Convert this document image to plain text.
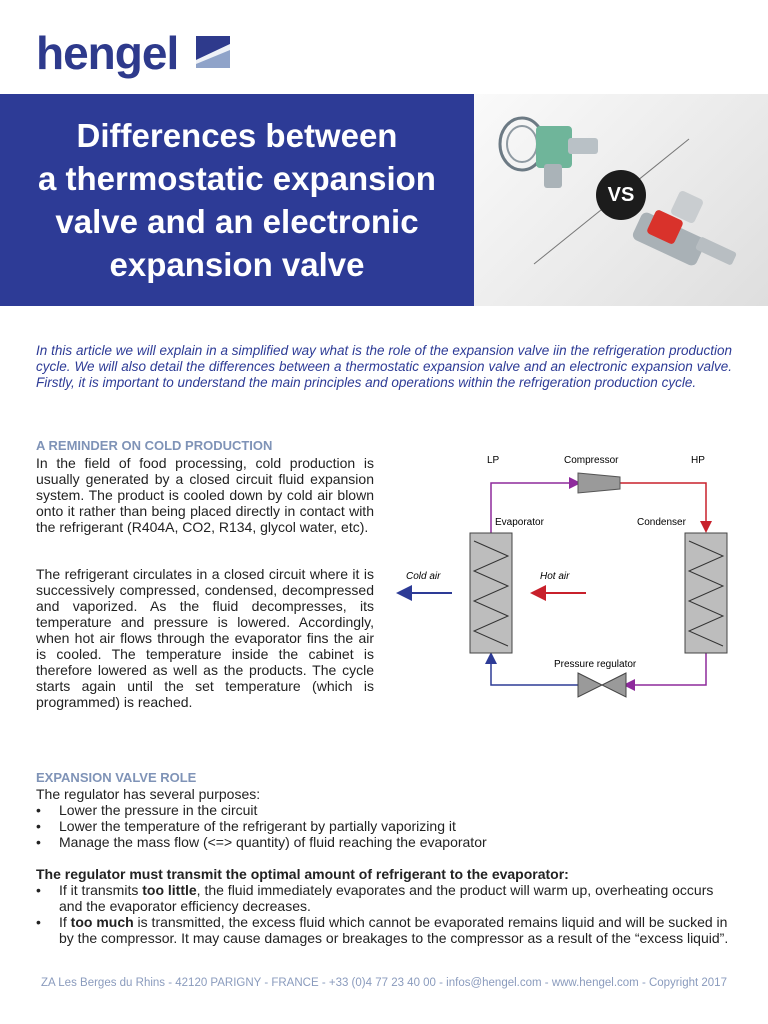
hengel
Differences between
a thermostatic expansion
valve and an electronic
expansion valve
VS
In this article we will explain in a simplified way what is the role of the expansion valve iin the refrigeration production cycle. We will also detail the differences between a thermostatic expansion valve and an electronic expansion valve. Firstly, it is important to understand the main principles and operations within the refrigeration production cycle.
A REMINDER ON COLD PRODUCTION
In the field of food processing, cold production is usually generated by a closed circuit fluid expansion system. The product is cooled down by cold air blown onto it rather than being placed directly in contact with the refrigerant (R404A, CO2, R134, glycol water, etc).
The refrigerant circulates in a closed circuit where it is successively compressed, condensed, decompressed and vaporized. As the fluid decompresses, its temperature and pressure is lowered. Accordingly, when hot air flows through the evaporator fins the air is cooled. The temperature inside the cabinet is therefore lowered as well as the products. The cycle starts again until the set temperature (which is programmed) is reached.
LP	Compressor	HP
Evaporator	Condenser
Cold air	Hot air
Pressure regulator
EXPANSION VALVE ROLE
The regulator has several purposes:
• Lower the pressure in the circuit
• Lower the temperature of the refrigerant by partially vaporizing it
• Manage the mass flow (<=> quantity) of fluid reaching the evaporator
The regulator must transmit the optimal amount of refrigerant to the evaporator:
• If it transmits too little, the fluid immediately evaporates and the product will warm up, overheating occurs and the evaporator efficiency decreases.
• If too much is transmitted, the excess fluid which cannot be evaporated remains liquid and will be sucked in by the compressor. It may cause damages or breakages to the compressor as a result of the “excess liquid”.
ZA Les Berges du Rhins - 42120 PARIGNY - FRANCE - +33 (0)4 77 23 40 00 - infos@hengel.com - www.hengel.com - Copyright 2017
